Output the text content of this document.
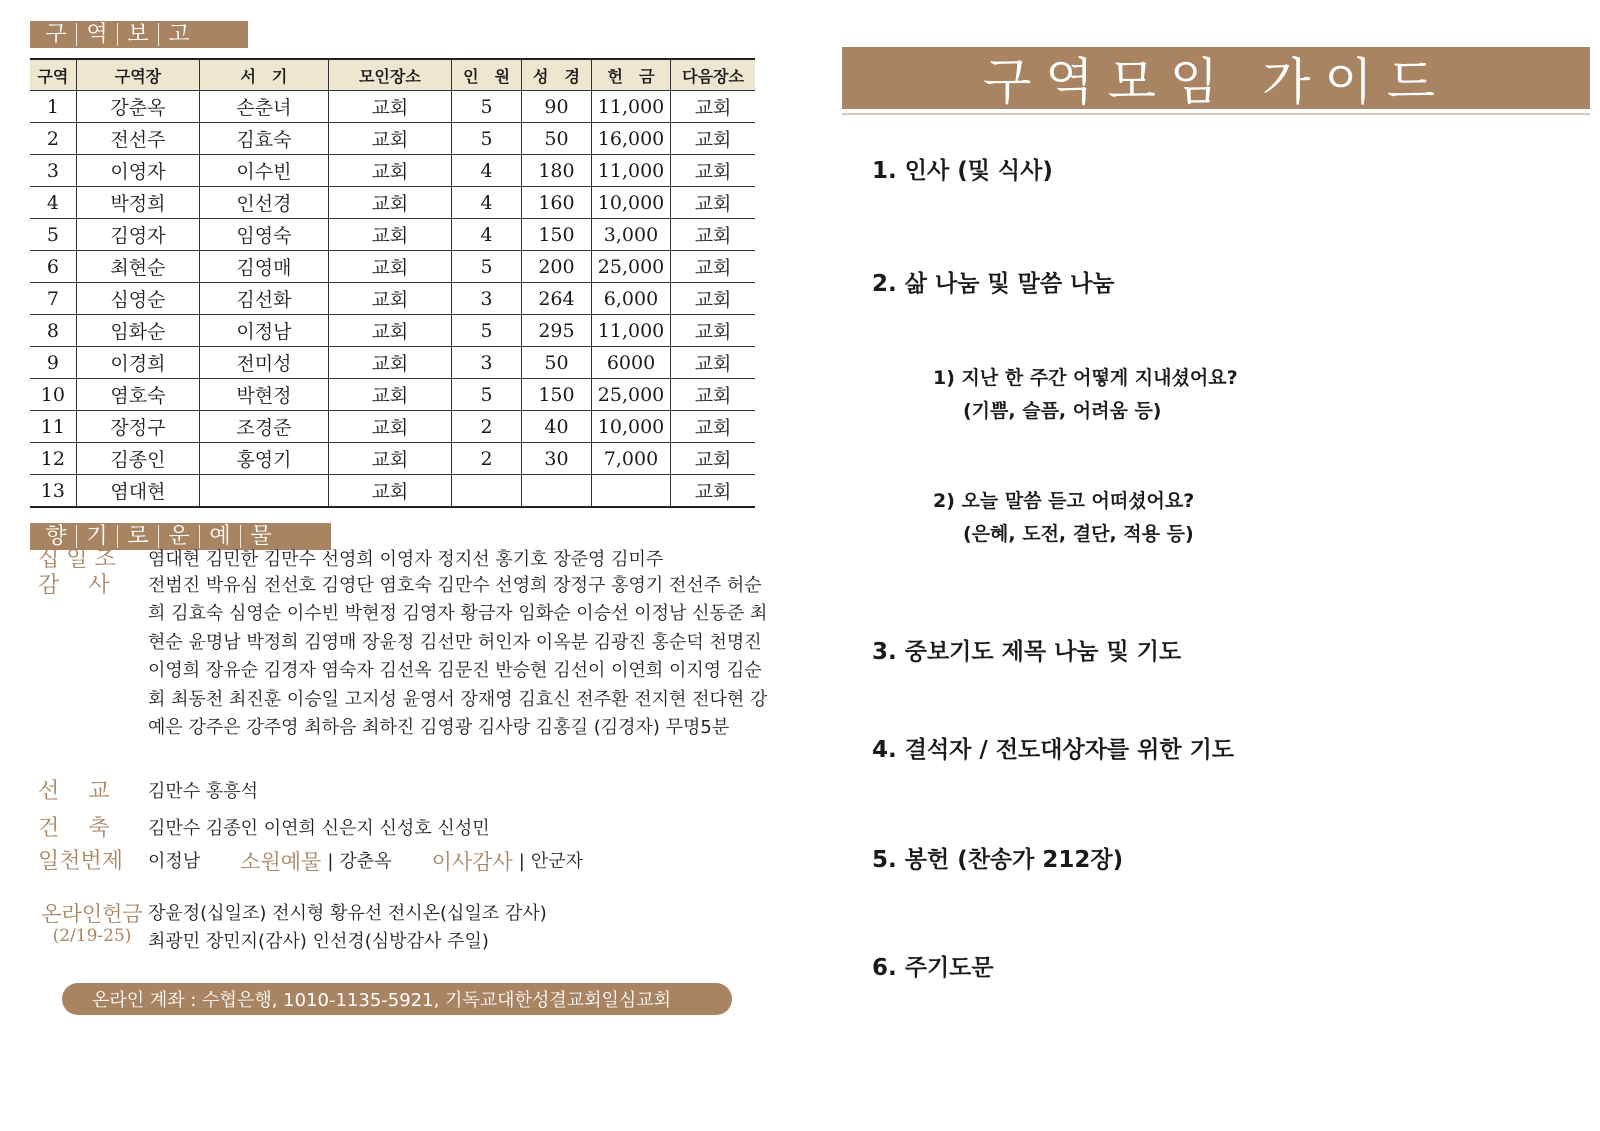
구 역 보 고
구역	구역장	서　기	모인장소	인　원	성　경	헌　금	다음장소
1	강춘옥	손춘녀	교회	5	90	11,000	교회
2	전선주	김효숙	교회	5	50	16,000	교회
3	이영자	이수빈	교회	4	180	11,000	교회
4	박정희	인선경	교회	4	160	10,000	교회
5	김영자	임영숙	교회	4	150	3,000	교회
6	최현순	김영매	교회	5	200	25,000	교회
7	심영순	김선화	교회	3	264	6,000	교회
8	임화순	이정남	교회	5	295	11,000	교회
9	이경희	전미성	교회	3	50	6000	교회
10	염호숙	박현정	교회	5	150	25,000	교회
11	장정구	조경준	교회	2	40	10,000	교회
12	김종인	홍영기	교회	2	30	7,000	교회
13	염대현		교회				교회
향 기 로 운 예 물
십 일 조	염대현 김민한 김만수 선영희 이영자 정지선 홍기호 장준영 김미주
감　 사	전범진 박유심 전선호 김영단 염호숙 김만수 선영희 장정구 홍영기 전선주 허순희 김효숙 심영순 이수빈 박현정 김영자 황금자 임화순 이승선 이정남 신동준 최현순 윤명남 박정희 김영매 장윤정 김선만 허인자 이옥분 김광진 홍순덕 천명진 이영희 장유순 김경자 염숙자 김선옥 김문진 반승현 김선이 이연희 이지영 김순회 최동천 최진훈 이승일 고지성 윤영서 장재영 김효신 전주환 전지현 전다현 강예은 강주은 강주영 최하음 최하진 김영광 김사랑 김홍길 (김경자) 무명5분
선　 교	김만수 홍흥석
건　 축	김만수 김종인 이연희 신은지 신성호 신성민
일천번제	이정남 소원예물 | 강춘옥 이사감사 | 안군자
온라인헌금
(2/19-25)
장윤정(십일조) 전시형 황유선 전시온(십일조 감사)
최광민 장민지(감사) 인선경(심방감사 주일)
온라인 계좌 : 수협은행, 1010-1135-5921, 기독교대한성결교회일심교회
구역모임 가이드
1. 인사 (및 식사)
2. 삶 나눔 및 말씀 나눔
1) 지난 한 주간 어떻게 지내셨어요?
(기쁨, 슬픔, 어려움 등)
2) 오늘 말씀 듣고 어떠셨어요?
(은혜, 도전, 결단, 적용 등)
3. 중보기도 제목 나눔 및 기도
4. 결석자 / 전도대상자를 위한 기도
5. 봉헌 (찬송가 212장)
6. 주기도문
